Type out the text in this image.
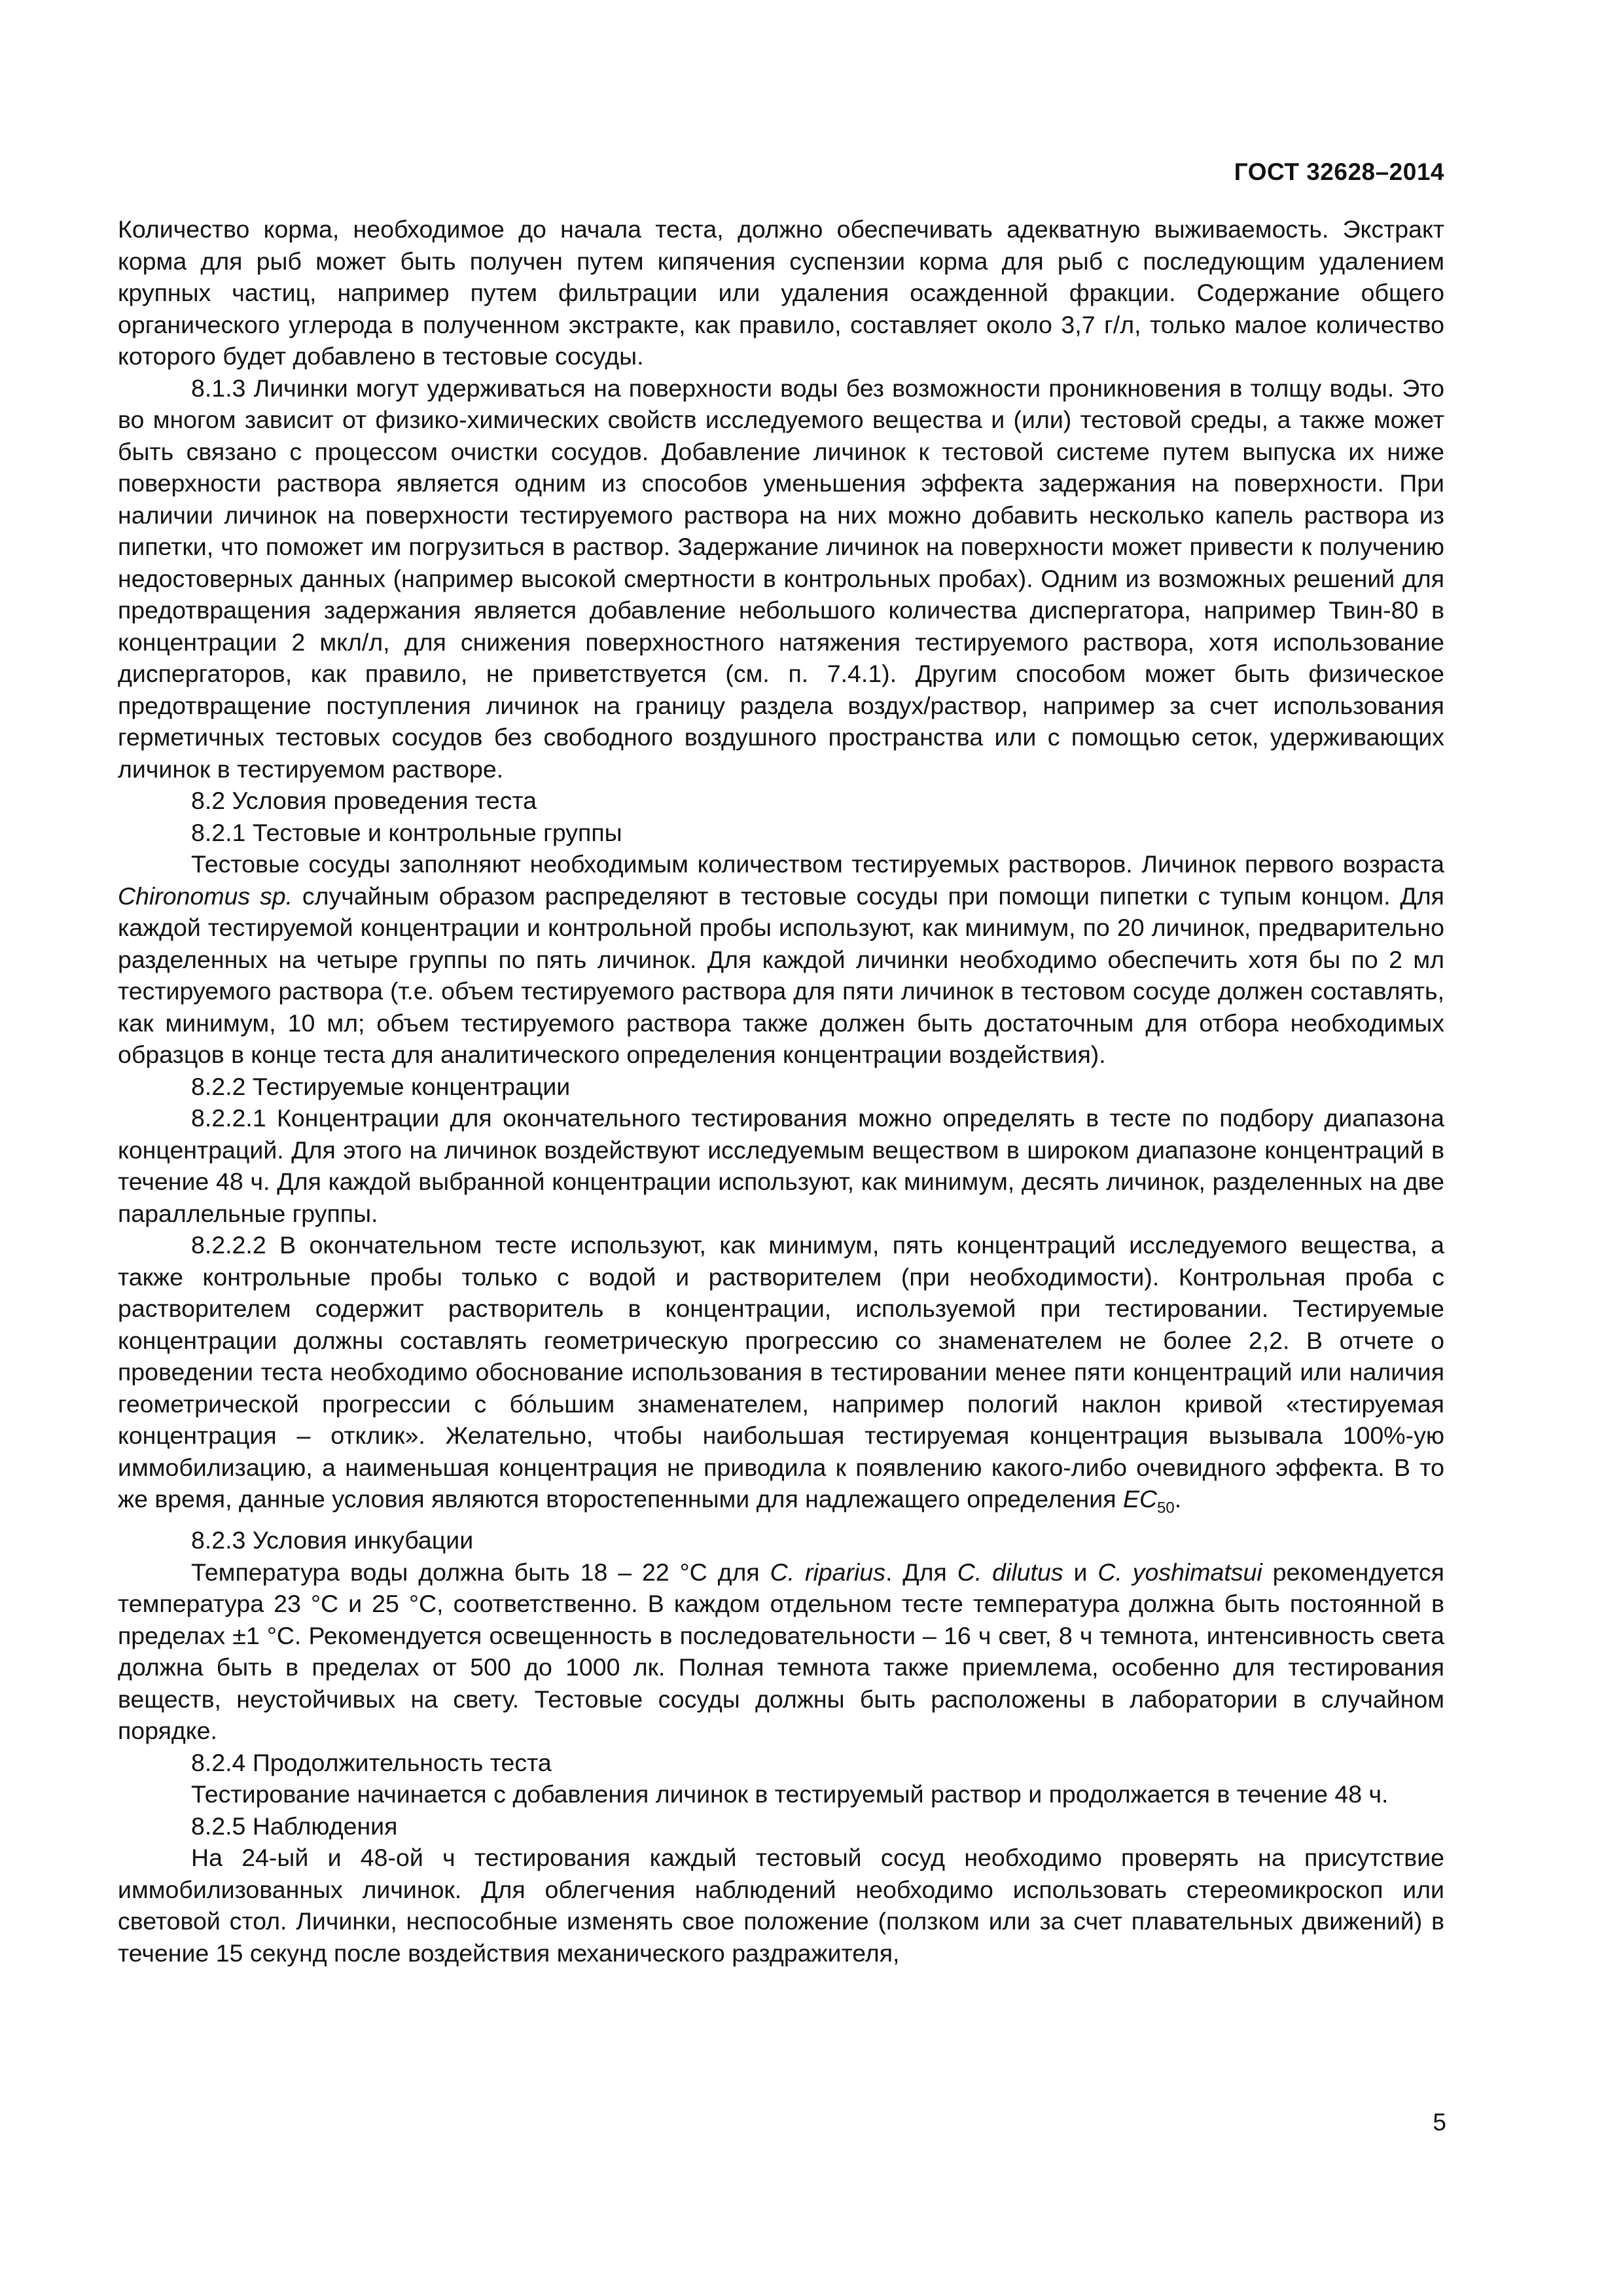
ГОСТ 32628–2014

Количество корма, необходимое до начала теста, должно обеспечивать адекватную выживаемость. Экстракт корма для рыб может быть получен путем кипячения суспензии корма для рыб с последующим удалением крупных частиц, например путем фильтрации или удаления осажденной фракции. Содержание общего органического углерода в полученном экстракте, как правило, составляет около 3,7 г/л, только малое количество которого будет добавлено в тестовые сосуды.

8.1.3 Личинки могут удерживаться на поверхности воды без возможности проникновения в толщу воды. Это во многом зависит от физико-химических свойств исследуемого вещества и (или) тестовой среды, а также может быть связано с процессом очистки сосудов. Добавление личинок к тестовой системе путем выпуска их ниже поверхности раствора является одним из способов уменьшения эффекта задержания на поверхности. При наличии личинок на поверхности тестируемого раствора на них можно добавить несколько капель раствора из пипетки, что поможет им погрузиться в раствор. Задержание личинок на поверхности может привести к получению недостоверных данных (например высокой смертности в контрольных пробах). Одним из возможных решений для предотвращения задержания является добавление небольшого количества диспергатора, например Твин-80 в концентрации 2 мкл/л, для снижения поверхностного натяжения тестируемого раствора, хотя использование диспергаторов, как правило, не приветствуется (см. п. 7.4.1). Другим способом может быть физическое предотвращение поступления личинок на границу раздела воздух/раствор, например за счет использования герметичных тестовых сосудов без свободного воздушного пространства или с помощью сеток, удерживающих личинок в тестируемом растворе.

8.2 Условия проведения теста

8.2.1 Тестовые и контрольные группы

Тестовые сосуды заполняют необходимым количеством тестируемых растворов. Личинок первого возраста Chironomus sp. случайным образом распределяют в тестовые сосуды при помощи пипетки с тупым концом. Для каждой тестируемой концентрации и контрольной пробы используют, как минимум, по 20 личинок, предварительно разделенных на четыре группы по пять личинок. Для каждой личинки необходимо обеспечить хотя бы по 2 мл тестируемого раствора (т.е. объем тестируемого раствора для пяти личинок в тестовом сосуде должен составлять, как минимум, 10 мл; объем тестируемого раствора также должен быть достаточным для отбора необходимых образцов в конце теста для аналитического определения концентрации воздействия).

8.2.2 Тестируемые концентрации

8.2.2.1 Концентрации для окончательного тестирования можно определять в тесте по подбору диапазона концентраций. Для этого на личинок воздействуют исследуемым веществом в широком диапазоне концентраций в течение 48 ч. Для каждой выбранной концентрации используют, как минимум, десять личинок, разделенных на две параллельные группы.

8.2.2.2 В окончательном тесте используют, как минимум, пять концентраций исследуемого вещества, а также контрольные пробы только с водой и растворителем (при необходимости). Контрольная проба с растворителем содержит растворитель в концентрации, используемой при тестировании. Тестируемые концентрации должны составлять геометрическую прогрессию со знаменателем не более 2,2. В отчете о проведении теста необходимо обоснование использования в тестировании менее пяти концентраций или наличия геометрической прогрессии с бóльшим знаменателем, например пологий наклон кривой «тестируемая концентрация – отклик». Желательно, чтобы наибольшая тестируемая концентрация вызывала 100%-ую иммобилизацию, а наименьшая концентрация не приводила к появлению какого-либо очевидного эффекта. В то же время, данные условия являются второстепенными для надлежащего определения $EC_{50}$.

8.2.3 Условия инкубации

Температура воды должна быть 18 – 22 °С для C. riparius. Для C. dilutus и C. yoshimatsui рекомендуется температура 23 °С и 25 °С, соответственно. В каждом отдельном тесте температура должна быть постоянной в пределах ±1 °С. Рекомендуется освещенность в последовательности – 16 ч свет, 8 ч темнота, интенсивность света должна быть в пределах от 500 до 1000 лк. Полная темнота также приемлема, особенно для тестирования веществ, неустойчивых на свету. Тестовые сосуды должны быть расположены в лаборатории в случайном порядке.

8.2.4 Продолжительность теста

Тестирование начинается с добавления личинок в тестируемый раствор и продолжается в течение 48 ч.

8.2.5 Наблюдения

На 24-ый и 48-ой ч тестирования каждый тестовый сосуд необходимо проверять на присутствие иммобилизованных личинок. Для облегчения наблюдений необходимо использовать стереомикроскоп или световой стол. Личинки, неспособные изменять свое положение (ползком или за счет плавательных движений) в течение 15 секунд после воздействия механического раздражителя,

5
